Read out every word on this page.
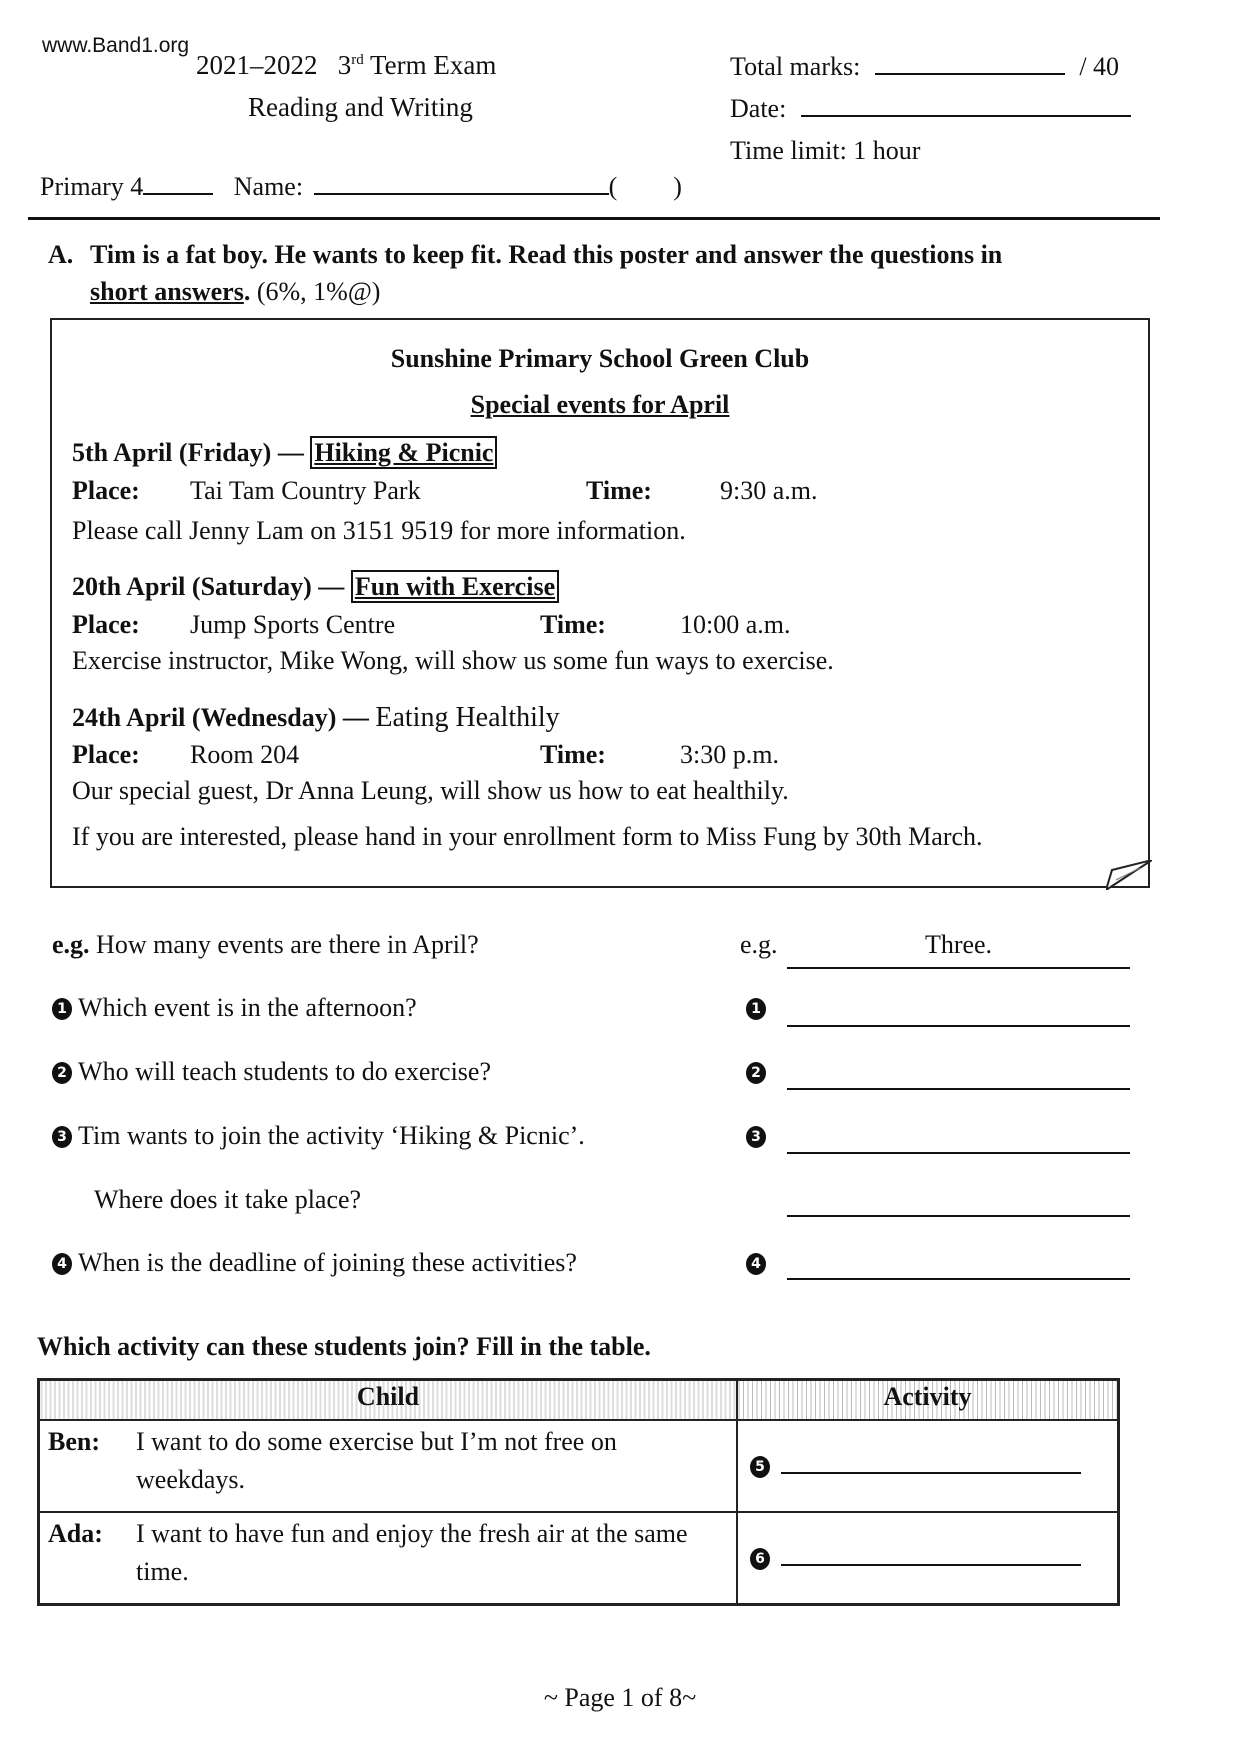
www.Band1.org
2021–2022 3rd Term Exam
Reading and Writing
Total marks:	/ 40
Date:
Time limit: 1 hour
Primary 4	Name:	( )
A. Tim is a fat boy. He wants to keep fit. Read this poster and answer the questions in
short answers. (6%, 1%@)
Sunshine Primary School Green Club
Special events for April
5th April (Friday) — Hiking & Picnic
Place: Tai Tam Country Park	Time:	9:30 a.m.
Please call Jenny Lam on 3151 9519 for more information.
20th April (Saturday) — Fun with Exercise
Place: Jump Sports Centre	Time:	10:00 a.m.
Exercise instructor, Mike Wong, will show us some fun ways to exercise.
24th April (Wednesday) — Eating Healthily
Place: Room 204	Time:	3:30 p.m.
Our special guest, Dr Anna Leung, will show us how to eat healthily.
If you are interested, please hand in your enrollment form to Miss Fung by 30th March.
e.g. How many events are there in April?	e.g.	Three.
1 Which event is in the afternoon?	1
2 Who will teach students to do exercise?	2
3 Tim wants to join the activity ‘Hiking & Picnic’.	3
Where does it take place?
4 When is the deadline of joining these activities?	4
Which activity can these students join? Fill in the table.
Child	Activity

Ben: I want to do some exercise but I’m not free on weekdays.	5

Ada: I want to have fun and enjoy the fresh air at the same time.	6
~ Page 1 of 8~
